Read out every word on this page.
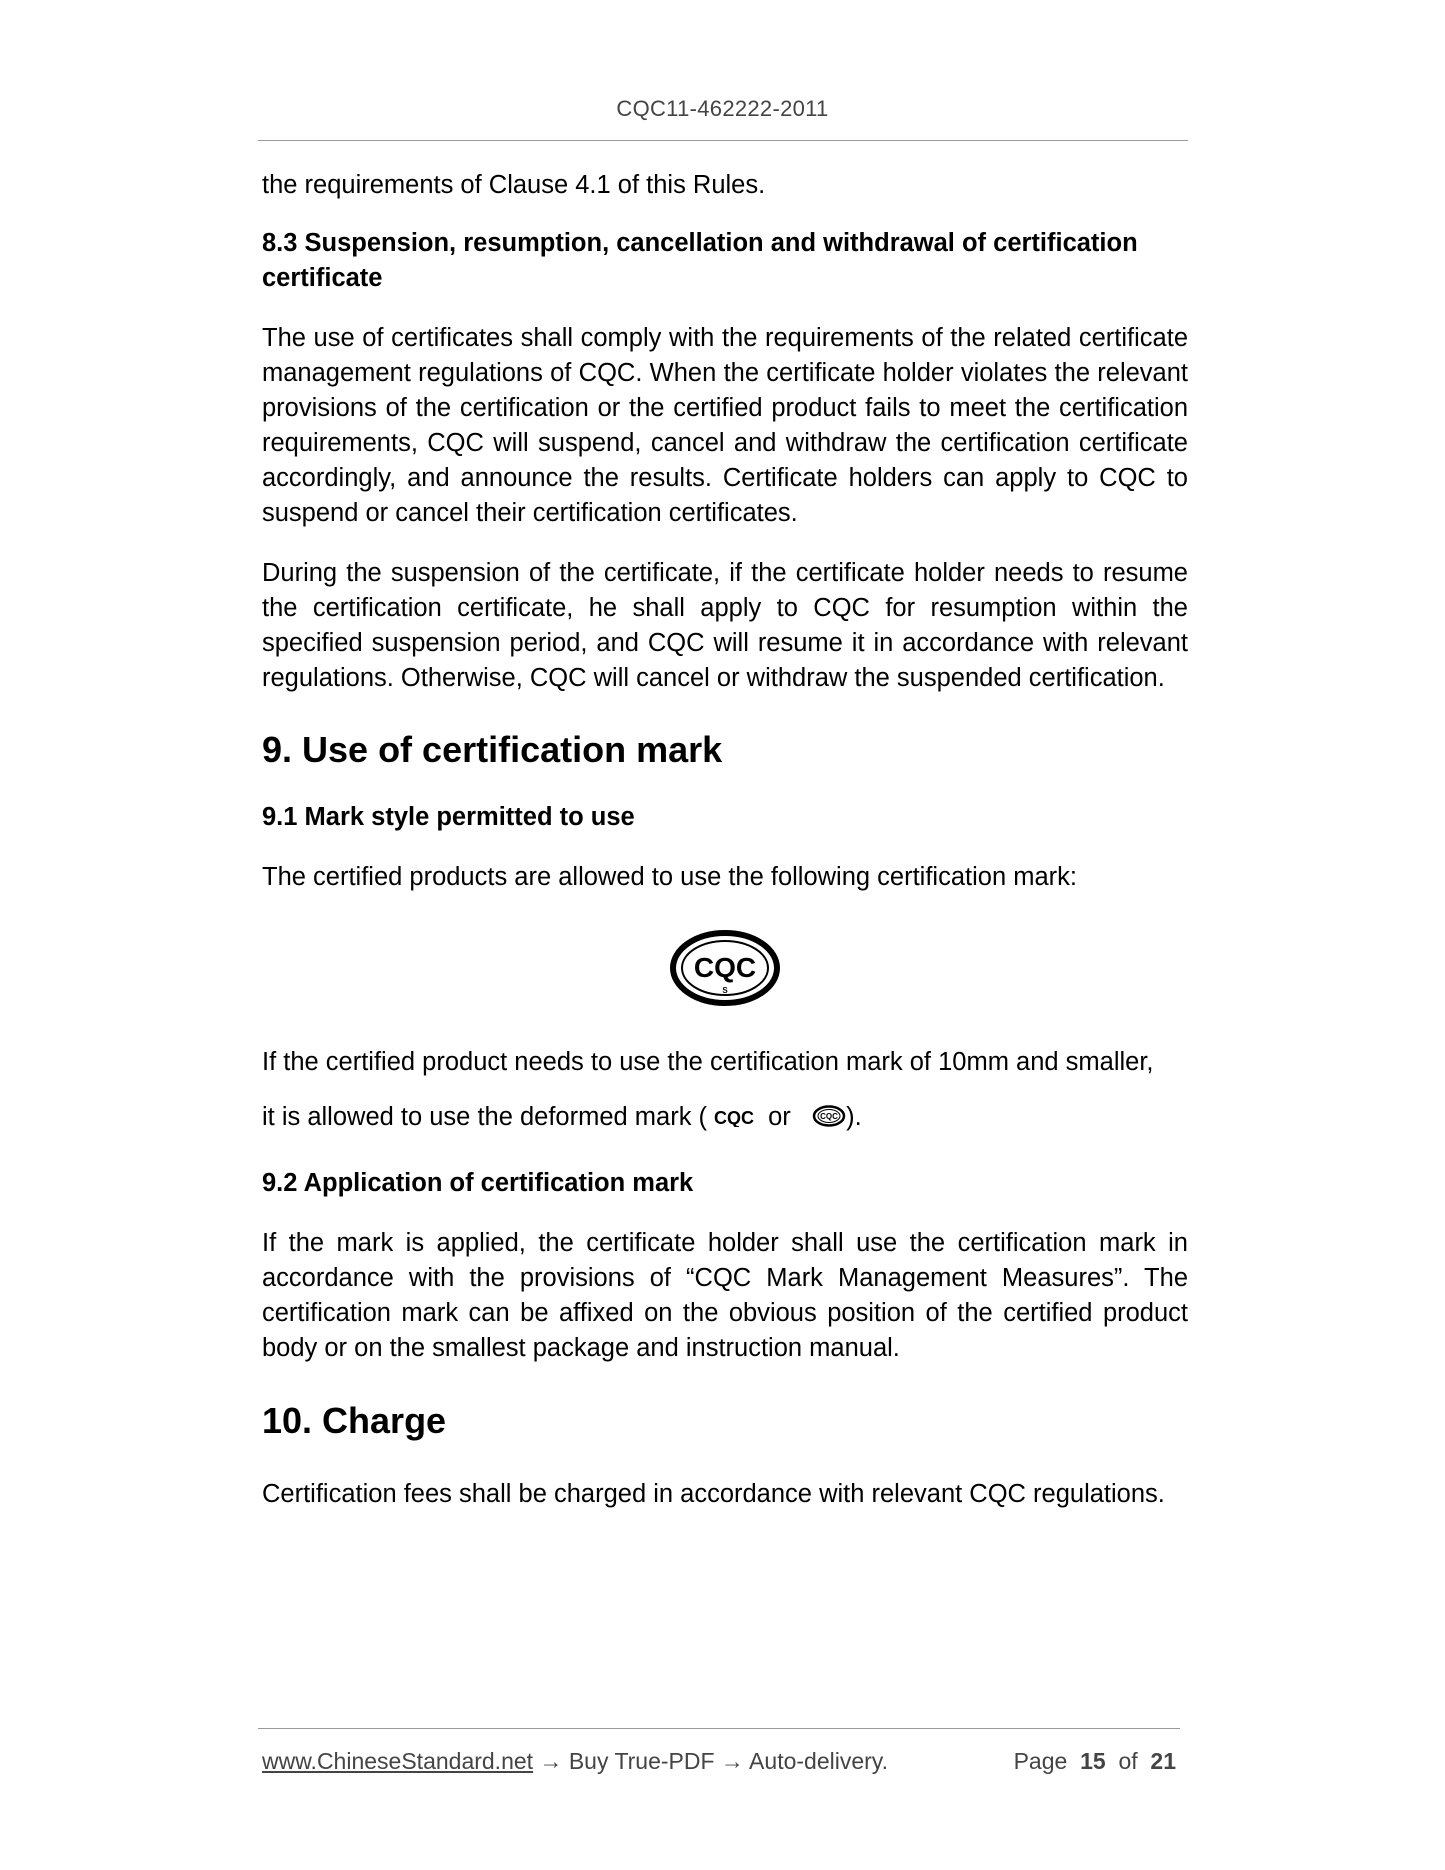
CQC11-462222-2011

the requirements of Clause 4.1 of this Rules.

8.3 Suspension, resumption, cancellation and withdrawal of certification certificate

The use of certificates shall comply with the requirements of the related certificate management regulations of CQC. When the certificate holder violates the relevant provisions of the certification or the certified product fails to meet the certification requirements, CQC will suspend, cancel and withdraw the certification certificate accordingly, and announce the results. Certificate holders can apply to CQC to suspend or cancel their certification certificates.

During the suspension of the certificate, if the certificate holder needs to resume the certification certificate, he shall apply to CQC for resumption within the specified suspension period, and CQC will resume it in accordance with relevant regulations. Otherwise, CQC will cancel or withdraw the suspended certification.

9. Use of certification mark
9.1 Mark style permitted to use

The certified products are allowed to use the following certification mark:

CQC
S

If the certified product needs to use the certification mark of 10mm and smaller,

it is allowed to use the deformed mark ( CQC or	CQC ).

9.2 Application of certification mark

If the mark is applied, the certificate holder shall use the certification mark in accordance with the provisions of “CQC Mark Management Measures”. The certification mark can be affixed on the obvious position of the certified product body or on the smallest package and instruction manual.

10. Charge

Certification fees shall be charged in accordance with relevant CQC regulations.

www.ChineseStandard.net → Buy True-PDF → Auto-delivery.	Page 15 of 21
